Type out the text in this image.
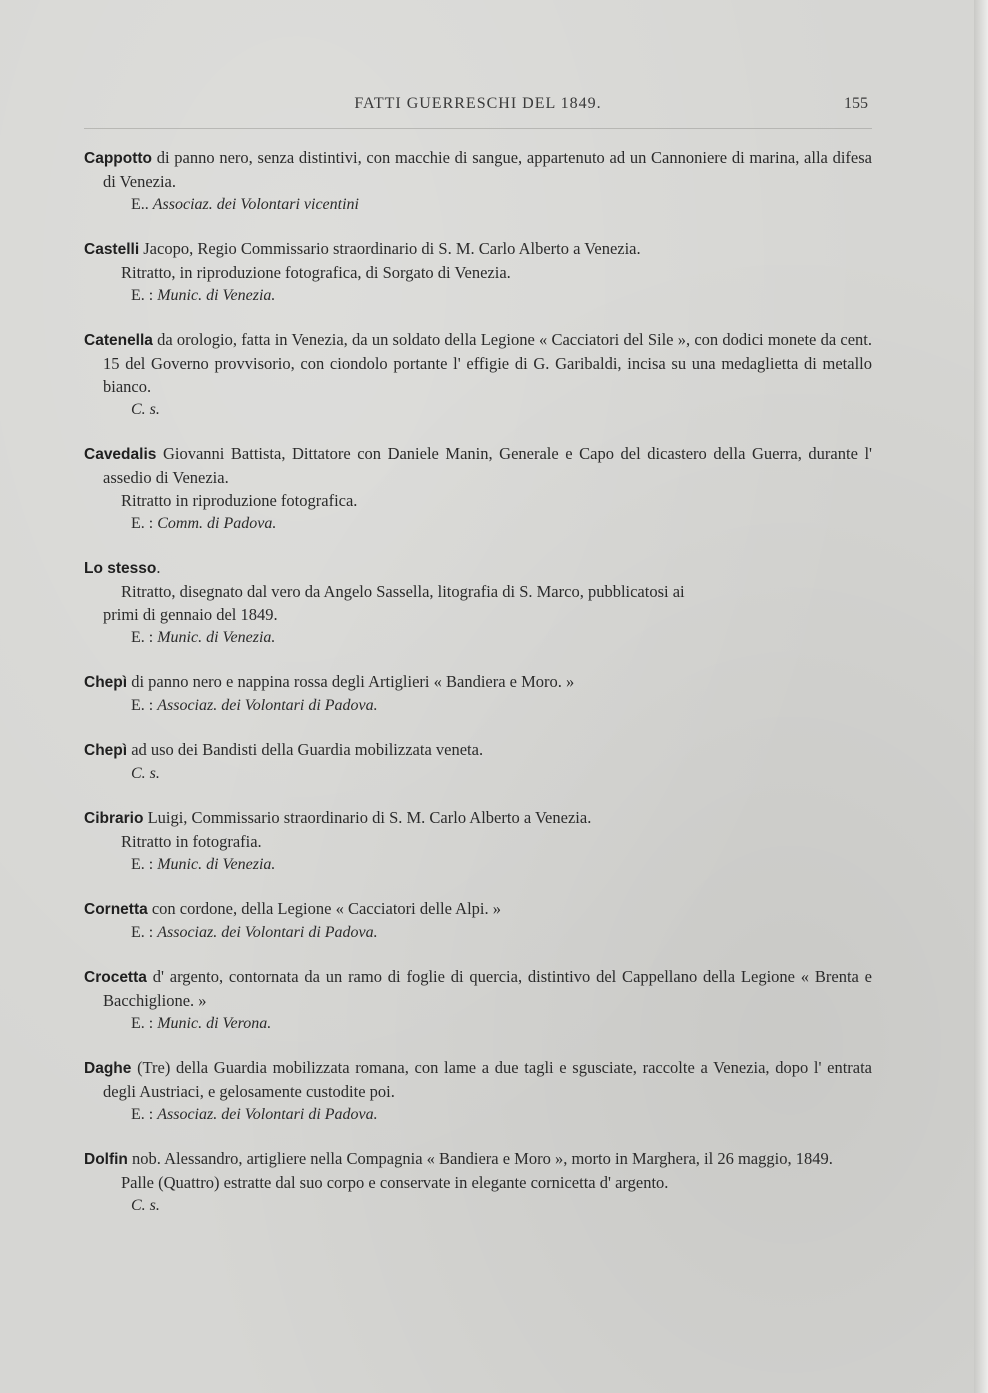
FATTI GUERRESCHI DEL 1849.	155
Cappotto di panno nero, senza distintivi, con macchie di sangue, appartenuto ad un Cannoniere di marina, alla difesa di Venezia.
E.. Associaz. dei Volontari vicentini
Castelli Jacopo, Regio Commissario straordinario di S. M. Carlo Alberto a Venezia.
Ritratto, in riproduzione fotografica, di Sorgato di Venezia.
E. : Munic. di Venezia.
Catenella da orologio, fatta in Venezia, da un soldato della Legione « Cacciatori del Sile », con dodici monete da cent. 15 del Governo provvisorio, con ciondolo portante l' effigie di G. Garibaldi, incisa su una medaglietta di metallo bianco.
C. s.
Cavedalis Giovanni Battista, Dittatore con Daniele Manin, Generale e Capo del dicastero della Guerra, durante l' assedio di Venezia.
Ritratto in riproduzione fotografica.
E. : Comm. di Padova.
Lo stesso.
Ritratto, disegnato dal vero da Angelo Sassella, litografia di S. Marco, pubblicatosi ai
primi di gennaio del 1849.
E. : Munic. di Venezia.
Chepì di panno nero e nappina rossa degli Artiglieri « Bandiera e Moro. »
E. : Associaz. dei Volontari di Padova.
Chepì ad uso dei Bandisti della Guardia mobilizzata veneta.
C. s.
Cibrario Luigi, Commissario straordinario di S. M. Carlo Alberto a Venezia.
Ritratto in fotografia.
E. : Munic. di Venezia.
Cornetta con cordone, della Legione « Cacciatori delle Alpi. »
E. : Associaz. dei Volontari di Padova.
Crocetta d' argento, contornata da un ramo di foglie di quercia, distintivo del Cappellano della Legione « Brenta e Bacchiglione. »
E. : Munic. di Verona.
Daghe (Tre) della Guardia mobilizzata romana, con lame a due tagli e sgusciate, raccolte a Venezia, dopo l' entrata degli Austriaci, e gelosamente custodite poi.
E. : Associaz. dei Volontari di Padova.
Dolfin nob. Alessandro, artigliere nella Compagnia « Bandiera e Moro », morto in Marghera, il 26 maggio, 1849.
Palle (Quattro) estratte dal suo corpo e conservate in elegante cornicetta d' argento.
C. s.
